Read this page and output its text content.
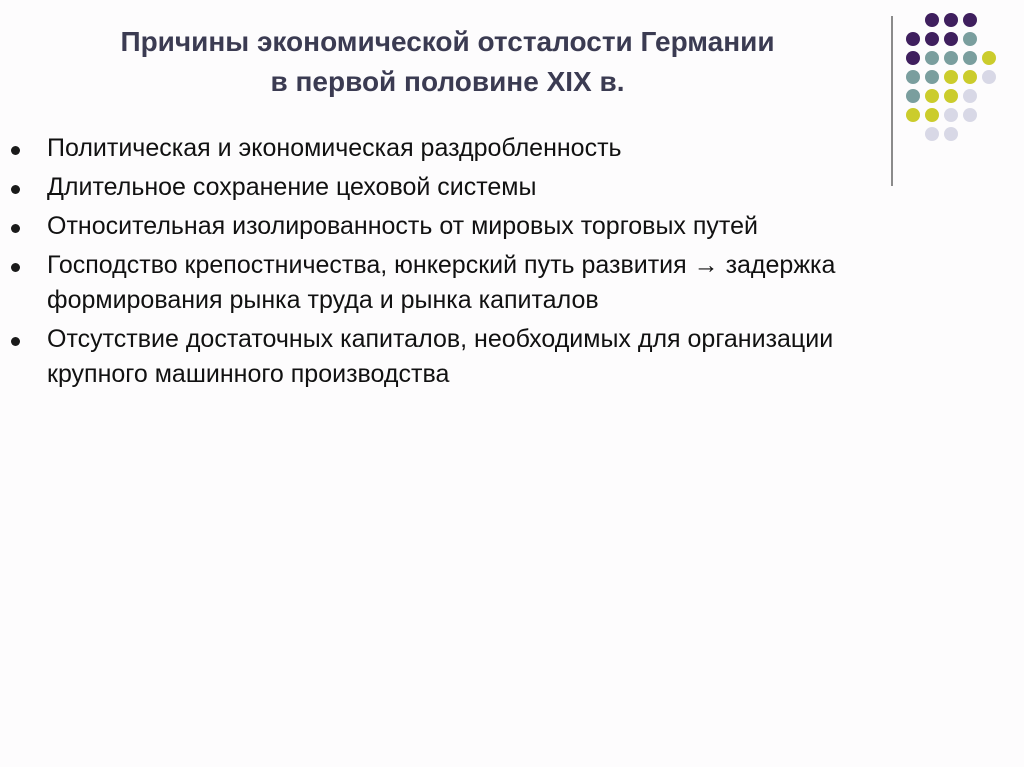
Причины экономической отсталости Германии
в первой половине XIX в.
Политическая и экономическая раздробленность
Длительное сохранение цеховой системы
Относительная изолированность от мировых торговых путей
Господство крепостничества, юнкерский путь развития → задержка формирования рынка труда и рынка капиталов
Отсутствие достаточных капиталов, необходимых для организации крупного машинного производства
